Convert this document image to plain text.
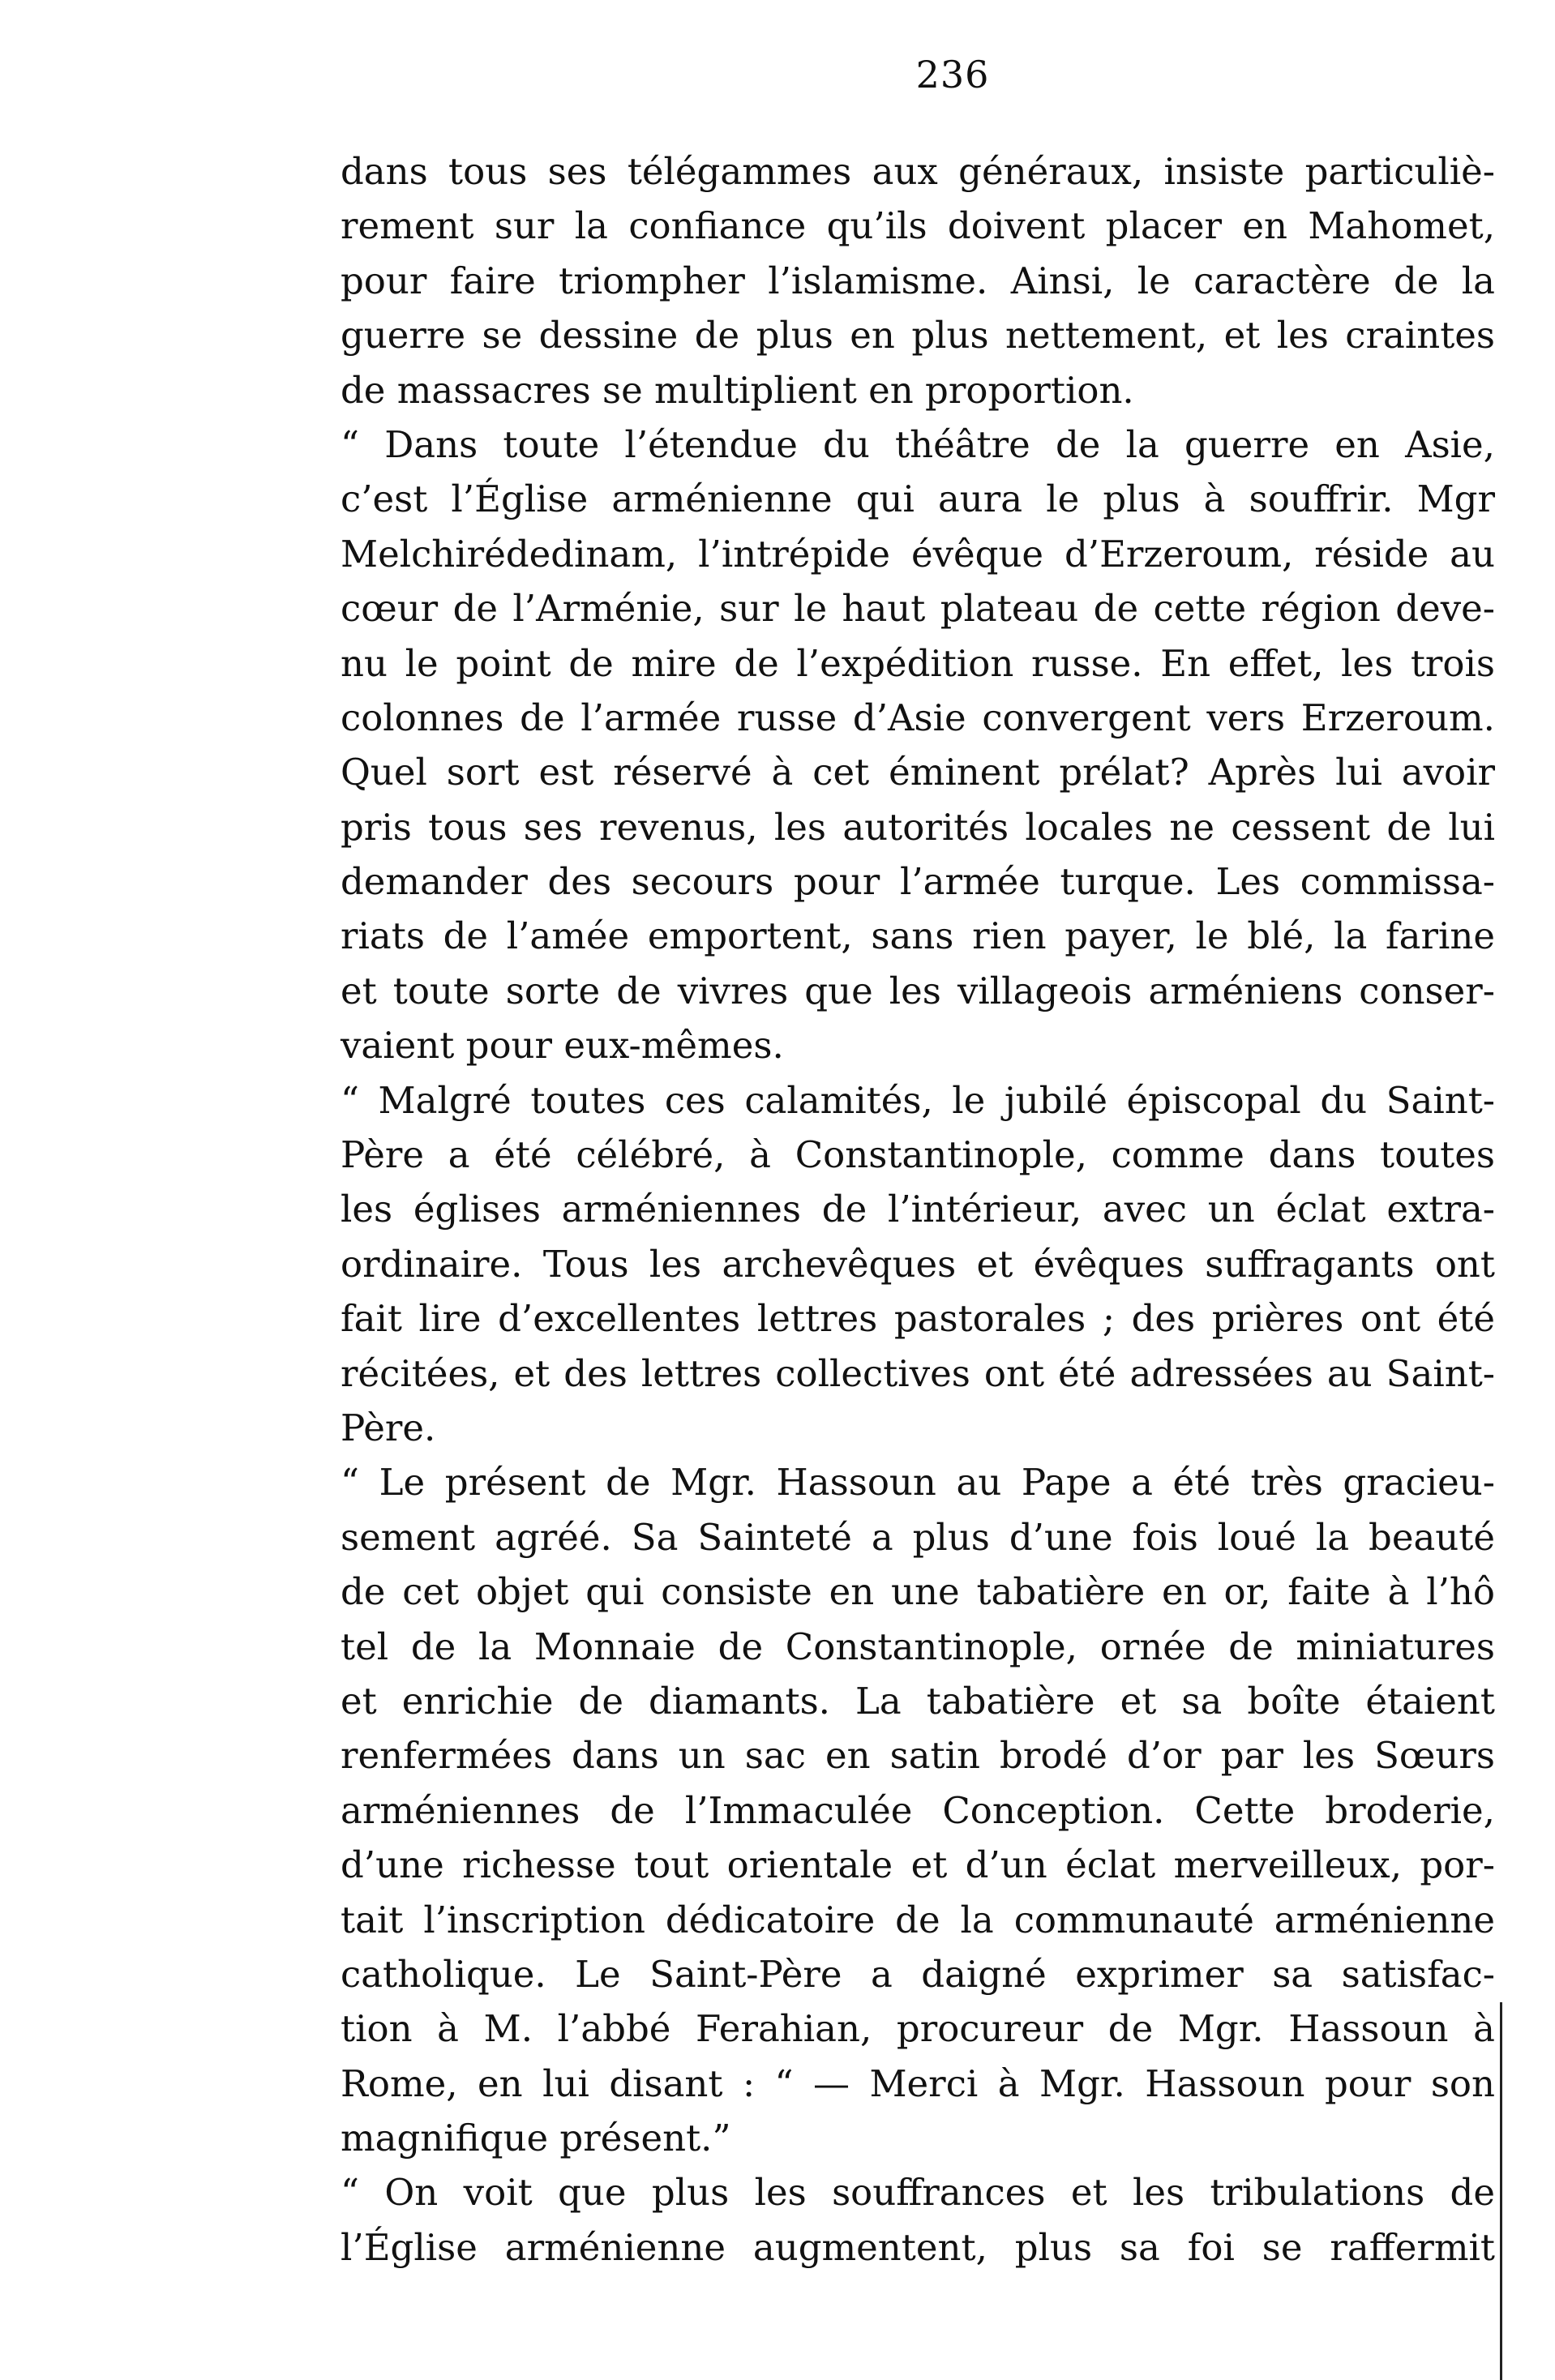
236
dans tous ses télégammes aux généraux, insiste particuliè-
rement sur la confiance qu’ils doivent placer en Mahomet,
pour faire triompher l’islamisme. Ainsi, le caractère de la
guerre se dessine de plus en plus nettement, et les craintes
de massacres se multiplient en proportion.
“ Dans toute l’étendue du théâtre de la guerre en Asie,
c’est l’Église arménienne qui aura le plus à souffrir. Mgr
Melchirédedinam, l’intrépide évêque d’Erzeroum, réside au
cœur de l’Arménie, sur le haut plateau de cette région deve-
nu le point de mire de l’expédition russe. En effet, les trois
colonnes de l’armée russe d’Asie convergent vers Erzeroum.
Quel sort est réservé à cet éminent prélat? Après lui avoir
pris tous ses revenus, les autorités locales ne cessent de lui
demander des secours pour l’armée turque. Les commissa-
riats de l’amée emportent, sans rien payer, le blé, la farine
et toute sorte de vivres que les villageois arméniens conser-
vaient pour eux-mêmes.
“ Malgré toutes ces calamités, le jubilé épiscopal du Saint-
Père a été célébré, à Constantinople, comme dans toutes
les églises arméniennes de l’intérieur, avec un éclat extra-
ordinaire. Tous les archevêques et évêques suffragants ont
fait lire d’excellentes lettres pastorales ; des prières ont été
récitées, et des lettres collectives ont été adressées au Saint-
Père.
“ Le présent de Mgr. Hassoun au Pape a été très gracieu-
sement agréé. Sa Sainteté a plus d’une fois loué la beauté
de cet objet qui consiste en une tabatière en or, faite à l’hô
tel de la Monnaie de Constantinople, ornée de miniatures
et enrichie de diamants. La tabatière et sa boîte étaient
renfermées dans un sac en satin brodé d’or par les Sœurs
arméniennes de l’Immaculée Conception. Cette broderie,
d’une richesse tout orientale et d’un éclat merveilleux, por-
tait l’inscription dédicatoire de la communauté arménienne
catholique. Le Saint-Père a daigné exprimer sa satisfac-
tion à M. l’abbé Ferahian, procureur de Mgr. Hassoun à
Rome, en lui disant : “ — Merci à Mgr. Hassoun pour son
magnifique présent.”
“ On voit que plus les souffrances et les tribulations de
l’Église arménienne augmentent, plus sa foi se raffermit
